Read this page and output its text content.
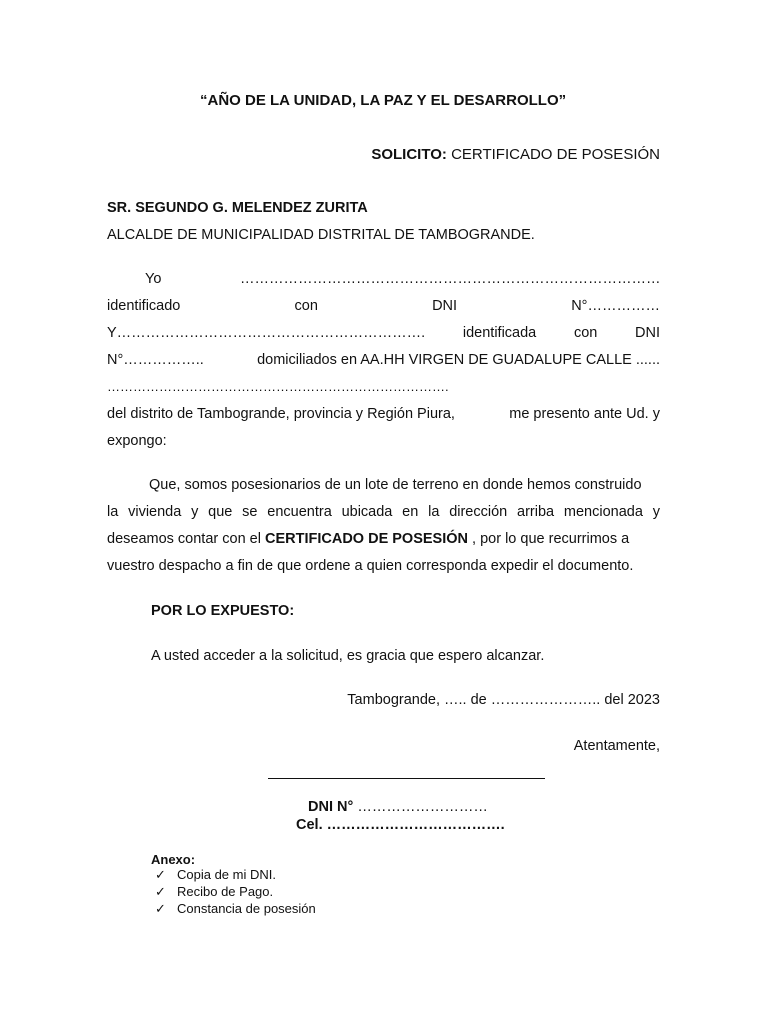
“AÑO DE LA UNIDAD, LA PAZ Y EL DESARROLLO”
SOLICITO: CERTIFICADO DE POSESIÓN
SR. SEGUNDO G. MELENDEZ ZURITA
ALCALDE DE MUNICIPALIDAD DISTRITAL DE TAMBOGRANDE.
Yo	……………………………………………………………………………
identificado	con	DNI	N°……………
Y……………………………………………………….	identificada	con	DNI
N°……………..	domiciliados en AA.HH VIRGEN DE GUADALUPE CALLE ......
…………………………………………………………………….
del distrito de Tambogrande, provincia y Región Piura,	me presento ante Ud. y
expongo:
Que, somos posesionarios de un lote de terreno en donde hemos construido
la vivienda y que se encuentra ubicada en la dirección arriba mencionada y
deseamos contar con el CERTIFICADO DE POSESIÓN , por lo que recurrimos a
vuestro despacho a fin de que ordene a quien corresponda expedir el documento.
POR LO EXPUESTO:
A usted acceder a la solicitud, es gracia que espero alcanzar.
Tambogrande, ….. de ………………….. del 2023
Atentamente,
DNI N° ………………………
Cel. ……………………………….
Anexo:
✓ Copia de mi DNI.
✓ Recibo de Pago.
✓ Constancia de posesión
